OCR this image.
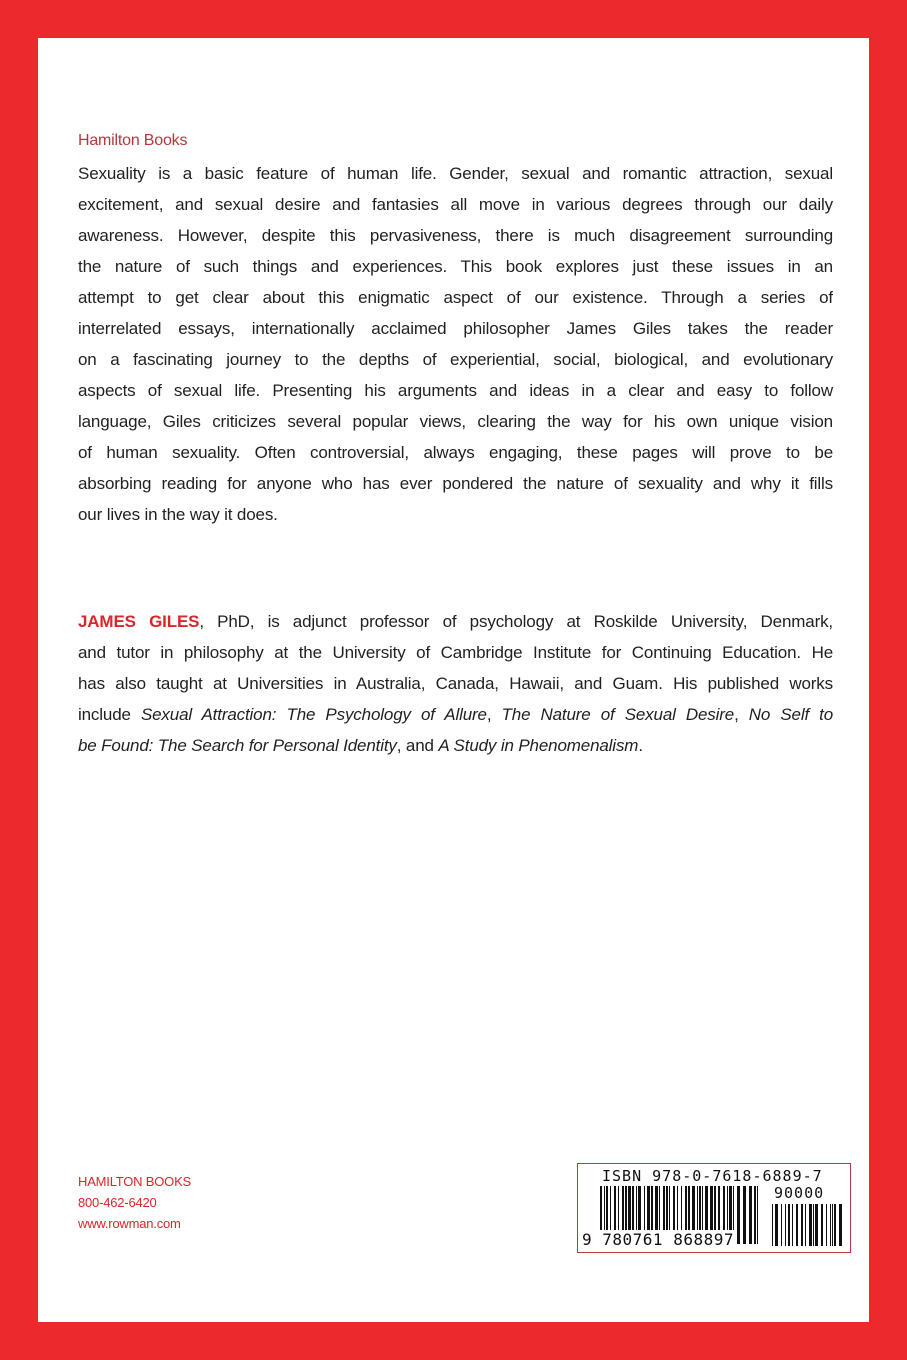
Hamilton Books
Sexuality is a basic feature of human life. Gender, sexual and romantic attraction, sexual
excitement, and sexual desire and fantasies all move in various degrees through our daily
awareness. However, despite this pervasiveness, there is much disagreement surrounding
the nature of such things and experiences. This book explores just these issues in an
attempt to get clear about this enigmatic aspect of our existence. Through a series of
interrelated essays, internationally acclaimed philosopher James Giles takes the reader
on a fascinating journey to the depths of experiential, social, biological, and evolutionary
aspects of sexual life. Presenting his arguments and ideas in a clear and easy to follow
language, Giles criticizes several popular views, clearing the way for his own unique vision
of human sexuality. Often controversial, always engaging, these pages will prove to be
absorbing reading for anyone who has ever pondered the nature of sexuality and why it fills
our lives in the way it does.
JAMES GILES, PhD, is adjunct professor of psychology at Roskilde University, Denmark,
and tutor in philosophy at the University of Cambridge Institute for Continuing Education. He
has also taught at Universities in Australia, Canada, Hawaii, and Guam. His published works
include Sexual Attraction: The Psychology of Allure, The Nature of Sexual Desire, No Self to
be Found: The Search for Personal Identity, and A Study in Phenomenalism.
HAMILTON BOOKS
800-462-6420
www.rowman.com
ISBN 978-0-7618-6889-7
90000
9 780761 868897
